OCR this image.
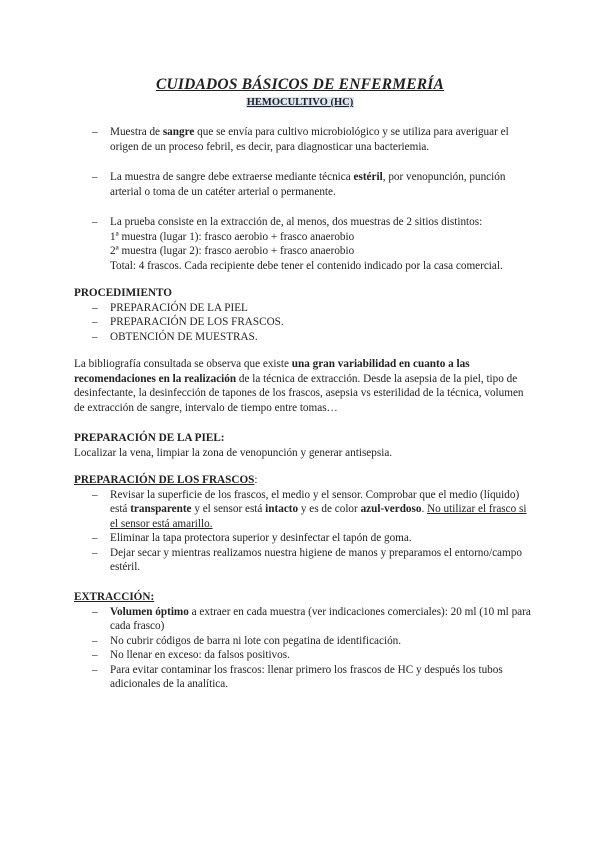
CUIDADOS BÁSICOS DE ENFERMERÍA
HEMOCULTIVO (HC)
– Muestra de sangre que se envía para cultivo microbiológico y se utiliza para averiguar el origen de un proceso febril, es decir, para diagnosticar una bacteriemia.
– La muestra de sangre debe extraerse mediante técnica estéril, por venopunción, punción arterial o toma de un catéter arterial o permanente.
– La prueba consiste en la extracción de, al menos, dos muestras de 2 sitios distintos:
1ª muestra (lugar 1): frasco aerobio + frasco anaerobio
2ª muestra (lugar 2): frasco aerobio + frasco anaerobio
Total: 4 frascos. Cada recipiente debe tener el contenido indicado por la casa comercial.
PROCEDIMIENTO
– PREPARACIÓN DE LA PIEL
– PREPARACIÓN DE LOS FRASCOS.
– OBTENCIÓN DE MUESTRAS.
La bibliografía consultada se observa que existe una gran variabilidad en cuanto a las recomendaciones en la realización de la técnica de extracción. Desde la asepsia de la piel, tipo de desinfectante, la desinfección de tapones de los frascos, asepsia vs esterilidad de la técnica, volumen de extracción de sangre, intervalo de tiempo entre tomas…
PREPARACIÓN DE LA PIEL:
Localizar la vena, limpiar la zona de venopunción y generar antisepsia.
PREPARACIÓN DE LOS FRASCOS:
– Revisar la superficie de los frascos, el medio y el sensor. Comprobar que el medio (líquido) está transparente y el sensor está intacto y es de color azul-verdoso. No utilizar el frasco si el sensor está amarillo.
– Eliminar la tapa protectora superior y desinfectar el tapón de goma.
– Dejar secar y mientras realizamos nuestra higiene de manos y preparamos el entorno/campo estéril.
EXTRACCIÓN:
– Volumen óptimo a extraer en cada muestra (ver indicaciones comerciales): 20 ml (10 ml para cada frasco)
– No cubrir códigos de barra ni lote con pegatina de identificación.
– No llenar en exceso: da falsos positivos.
– Para evitar contaminar los frascos: llenar primero los frascos de HC y después los tubos adicionales de la analítica.
